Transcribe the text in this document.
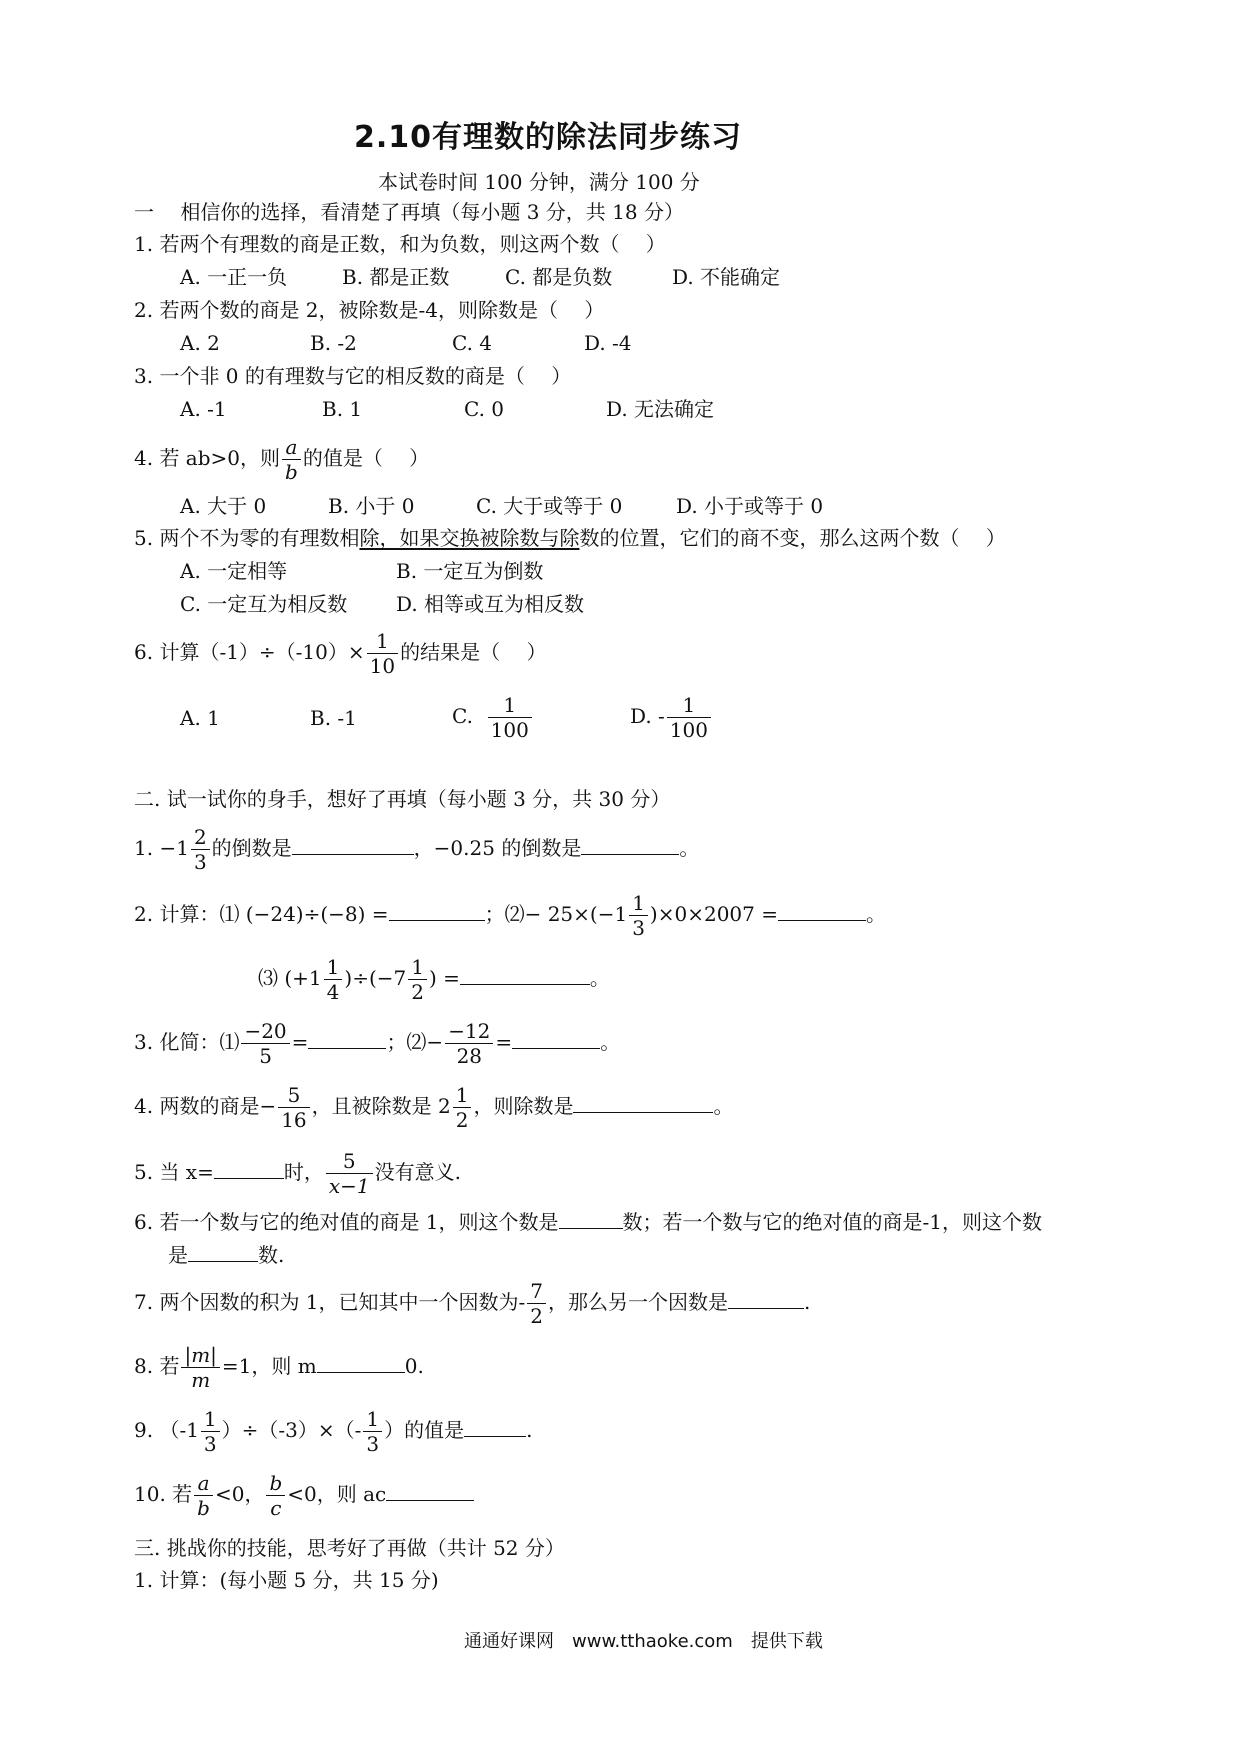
2.10有理数的除法同步练习
本试卷时间 100 分钟，满分 100 分
一　 相信你的选择，看清楚了再填（每小题 3 分，共 18 分）
1. 若两个有理数的商是正数，和为负数，则这两个数（　 ）
A. 一正一负	B. 都是正数	C. 都是负数	D. 不能确定
2. 若两个数的商是 2，被除数是-4，则除数是（　 ）
A. 2	B. -2	C. 4	D. -4
3. 一个非 0 的有理数与它的相反数的商是（　 ）
A. -1	B. 1	C. 0	D. 无法确定
4. 若 ab>0，则 $\frac{a}{b}$ 的值是（　 ）
A. 大于 0	B. 小于 0	C. 大于或等于 0	D. 小于或等于 0
5. 两个不为零的有理数相除，如果交换被除数与除数的位置，它们的商不变，那么这两个数（　 ）
A. 一定相等	B. 一定互为倒数
C. 一定互为相反数 D. 相等或互为相反数
6. 计算$(-1)\div(-10)\times \frac{1}{10}$ 的结果是（　 ）
A. 1	B. -1	C. $\frac{1}{100}$	D. - $\frac{1}{100}$
二. 试一试你的身手，想好了再填（每小题 3 分，共 30 分）
1. $-1 \frac{2}{3}$ 的倒数是	，−0.25 的倒数是	。
2. 计算：⑴ (−24)÷(−8) =	；⑵− $25\times(-1 \frac{1}{3} )\times 0\times 2007$ =	。
⑶ $(+1 \frac{1}{4} )\div(-7 \frac{1}{2}$ ) =	。
3. 化简：⑴ $\frac{-20}{5}$ =	；⑵− $\frac{-12}{28}$ =	。
4. 两数的商是− $\frac{5}{16}$ ，且被除数是 $2 \frac{1}{2}$ ，则除数是	。
5. 当 x=	时， $\frac{5}{x-1}$ 没有意义.
6. 若一个数与它的绝对值的商是 1，则这个数是	数；若一个数与它的绝对值的商是-1，则这个数
是	数.
7. 两个因数的积为 1，已知其中一个因数为- $\frac{7}{2}$ ，那么另一个因数是	.
8. 若 $\frac{|m|}{m} =1$，则 m	0.
9. $(-1 \frac{1}{3} )\div(-3)\times(- \frac{1}{3}$ ）的值是	.
10. 若 $\frac{a}{b} <0$， $\frac{b}{c} <0$，则 ac
三. 挑战你的技能，思考好了再做（共计 52 分）
1. 计算：(每小题 5 分，共 15 分)
通通好课网　www.tthaoke.com　提供下载
